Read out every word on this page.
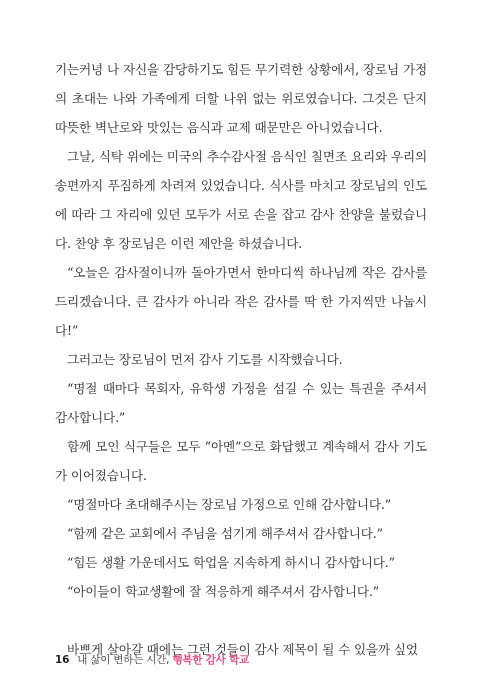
기는커녕 나 자신을 감당하기도 힘든 무기력한 상황에서, 장로님 가정의 초대는 나와 가족에게 더할 나위 없는 위로였습니다. 그것은 단지 따뜻한 벽난로와 맛있는 음식과 교제 때문만은 아니었습니다.

그날, 식탁 위에는 미국의 추수감사절 음식인 칠면조 요리와 우리의 송편까지 푸짐하게 차려져 있었습니다. 식사를 마치고 장로님의 인도에 따라 그 자리에 있던 모두가 서로 손을 잡고 감사 찬양을 불렀습니다. 찬양 후 장로님은 이런 제안을 하셨습니다.

“오늘은 감사절이니까 돌아가면서 한마디씩 하나님께 작은 감사를 드리겠습니다. 큰 감사가 아니라 작은 감사를 딱 한 가지씩만 나눕시다!”

그러고는 장로님이 먼저 감사 기도를 시작했습니다.

“명절 때마다 목회자, 유학생 가정을 섬길 수 있는 특권을 주셔서 감사합니다.”

함께 모인 식구들은 모두 “아멘”으로 화답했고 계속해서 감사 기도가 이어졌습니다.

“명절마다 초대해주시는 장로님 가정으로 인해 감사합니다.”

“함께 같은 교회에서 주님을 섬기게 해주셔서 감사합니다.”

“힘든 생활 가운데서도 학업을 지속하게 하시니 감사합니다.”

“아이들이 학교생활에 잘 적응하게 해주셔서 감사합니다.”

바쁘게 살아갈 때에는 그런 것들이 감사 제목이 될 수 있을까 싶었

16 내 삶이 변하는 시간, 행복한 감사 학교
